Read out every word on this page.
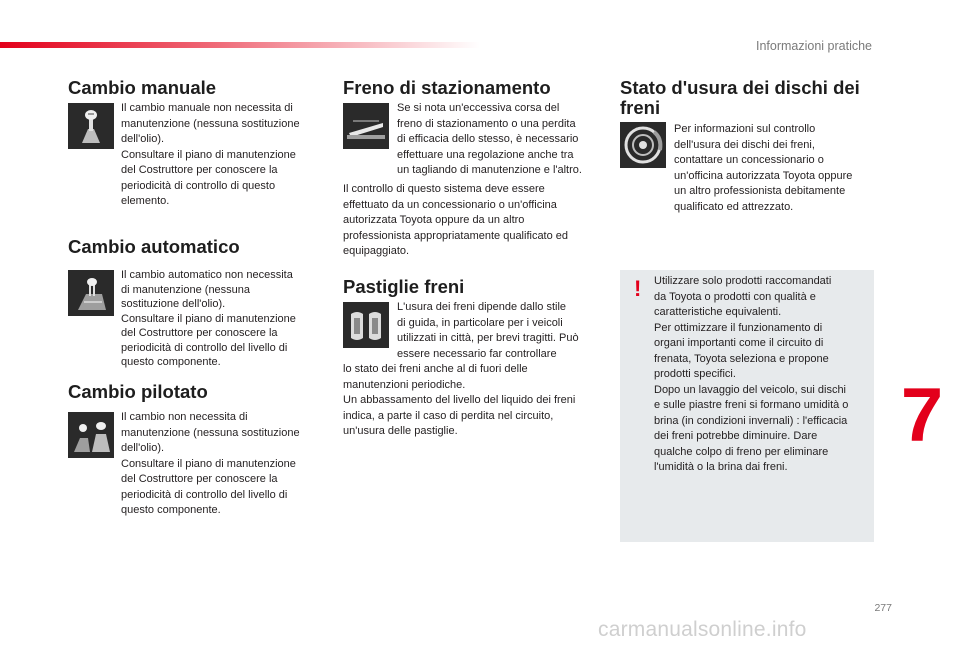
Informazioni pratiche
Cambio manuale

Il cambio manuale non necessita di

manutenzione (nessuna sostituzione

dell'olio).

Consultare il piano di manutenzione

del Costruttore per conoscere la

periodicità di controllo di questo

elemento.

Cambio automatico

Il cambio automatico non necessita

di manutenzione (nessuna

sostituzione dell'olio).

Consultare il piano di manutenzione

del Costruttore per conoscere la

periodicità di controllo del livello di

questo componente.

Cambio pilotato

Il cambio non necessita di

manutenzione (nessuna sostituzione

dell'olio).

Consultare il piano di manutenzione

del Costruttore per conoscere la

periodicità di controllo del livello di

questo componente.

Freno di stazionamento

Se si nota un'eccessiva corsa del

freno di stazionamento o una perdita

di efficacia dello stesso, è necessario

effettuare una regolazione anche tra

un tagliando di manutenzione e l'altro.

Il controllo di questo sistema deve essere

effettuato da un concessionario o un'officina

autorizzata Toyota oppure da un altro

professionista appropriatamente qualificato ed

equipaggiato.

Pastiglie freni

L'usura dei freni dipende dallo stile

di guida, in particolare per i veicoli

utilizzati in città, per brevi tragitti. Può

essere necessario far controllare

lo stato dei freni anche al di fuori delle

manutenzioni periodiche.

Un abbassamento del livello del liquido dei freni

indica, a parte il caso di perdita nel circuito,

un'usura delle pastiglie.

Stato d'usura dei dischi dei
freni

Per informazioni sul controllo

dell'usura dei dischi dei freni,

contattare un concessionario o

un'officina autorizzata Toyota oppure

un altro professionista debitamente

qualificato ed attrezzato.

! Utilizzare solo prodotti raccomandati

da Toyota o prodotti con qualità e

caratteristiche equivalenti.

Per ottimizzare il funzionamento di

organi importanti come il circuito di

frenata, Toyota seleziona e propone

prodotti specifici.

Dopo un lavaggio del veicolo, sui dischi

e sulle piastre freni si formano umidità o

brina (in condizioni invernali) : l'efficacia

dei freni potrebbe diminuire. Dare

qualche colpo di freno per eliminare

l'umidità o la brina dai freni.

7
277
carmanualsonline.info
